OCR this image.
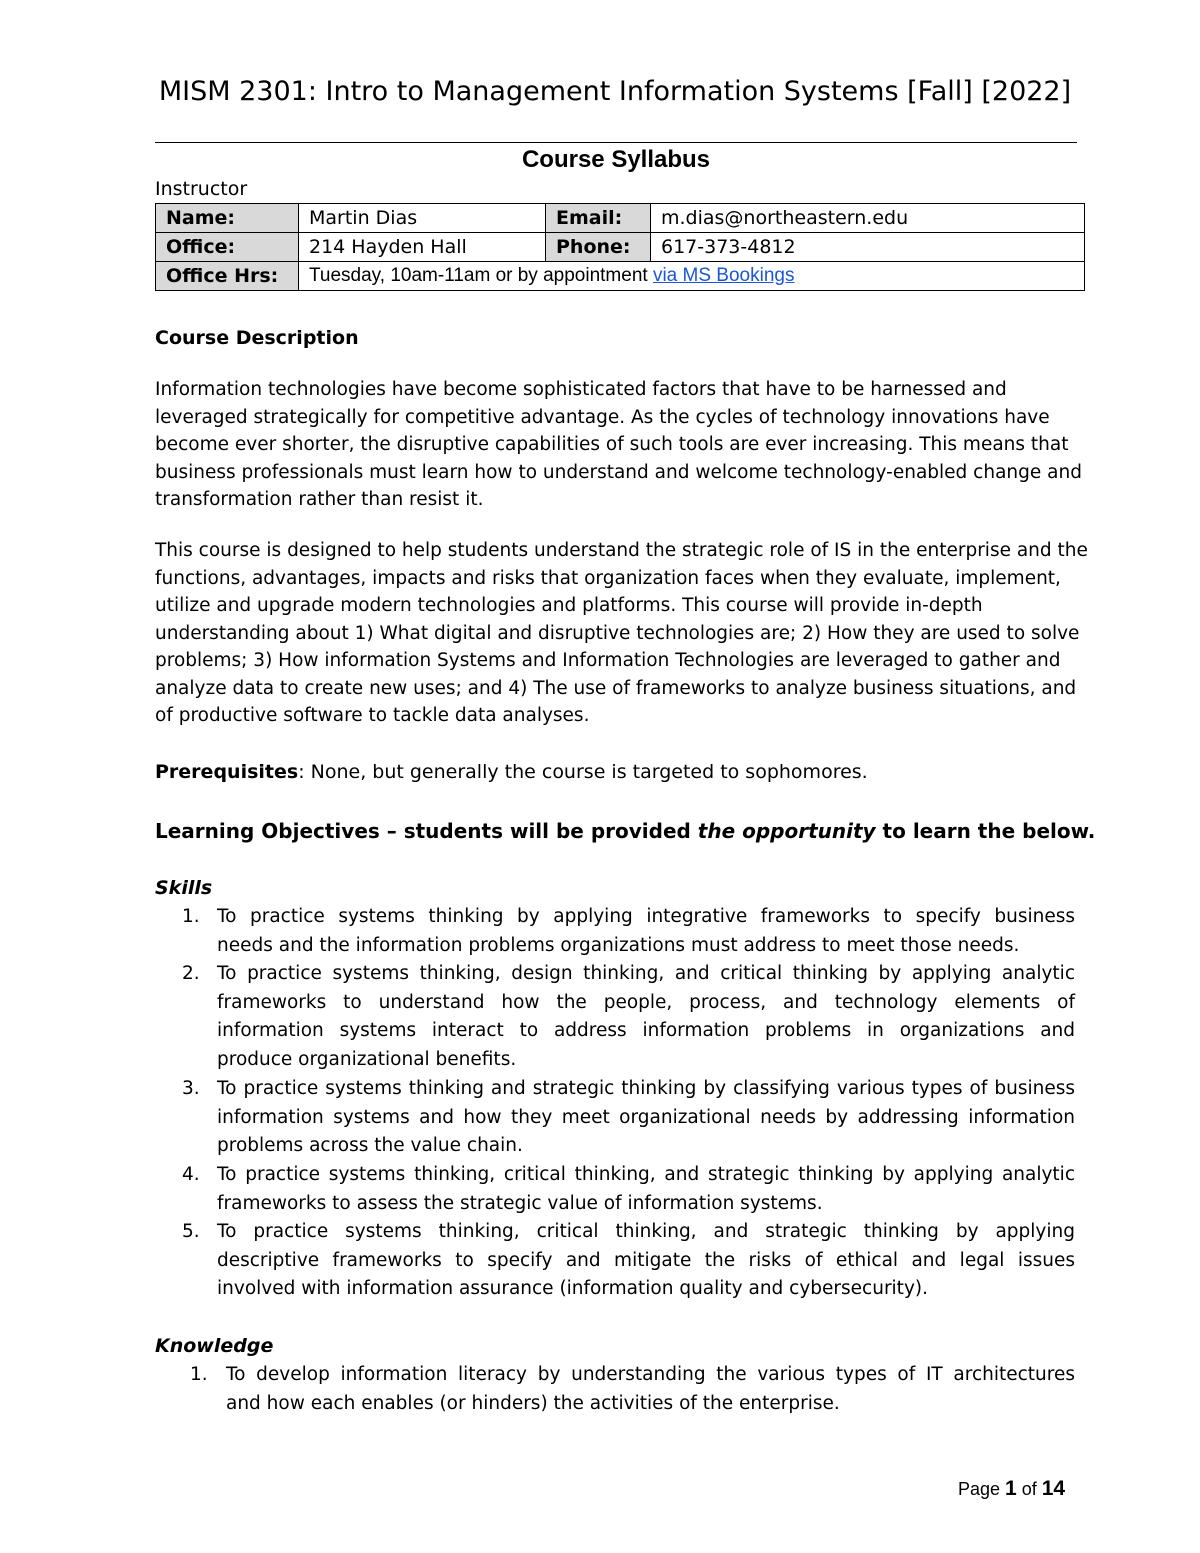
MISM 2301: Intro to Management Information Systems [Fall] [2022]
Course Syllabus
Instructor
Name:	Martin Dias	Email:	m.dias@northeastern.edu
Office:	214 Hayden Hall	Phone:	617-373-4812
Office Hrs:	Tuesday, 10am-11am or by appointment via MS Bookings		
Course Description
Information technologies have become sophisticated factors that have to be harnessed and
leveraged strategically for competitive advantage. As the cycles of technology innovations have
become ever shorter, the disruptive capabilities of such tools are ever increasing. This means that
business professionals must learn how to understand and welcome technology-enabled change and
transformation rather than resist it.
This course is designed to help students understand the strategic role of IS in the enterprise and the
functions, advantages, impacts and risks that organization faces when they evaluate, implement,
utilize and upgrade modern technologies and platforms. This course will provide in-depth
understanding about 1) What digital and disruptive technologies are; 2) How they are used to solve
problems; 3) How information Systems and Information Technologies are leveraged to gather and
analyze data to create new uses; and 4) The use of frameworks to analyze business situations, and
of productive software to tackle data analyses.
Prerequisites: None, but generally the course is targeted to sophomores.
Learning Objectives – students will be provided the opportunity to learn the below.
Skills
1. To practice systems thinking by applying integrative frameworks to specify business
needs and the information problems organizations must address to meet those needs.
2. To practice systems thinking, design thinking, and critical thinking by applying analytic
frameworks to understand how the people, process, and technology elements of
information systems interact to address information problems in organizations and
produce organizational benefits.
3. To practice systems thinking and strategic thinking by classifying various types of business
information systems and how they meet organizational needs by addressing information
problems across the value chain.
4. To practice systems thinking, critical thinking, and strategic thinking by applying analytic
frameworks to assess the strategic value of information systems.
5. To practice systems thinking, critical thinking, and strategic thinking by applying
descriptive frameworks to specify and mitigate the risks of ethical and legal issues
involved with information assurance (information quality and cybersecurity).
Knowledge
1. To develop information literacy by understanding the various types of IT architectures
and how each enables (or hinders) the activities of the enterprise.
Page 1 of 14
